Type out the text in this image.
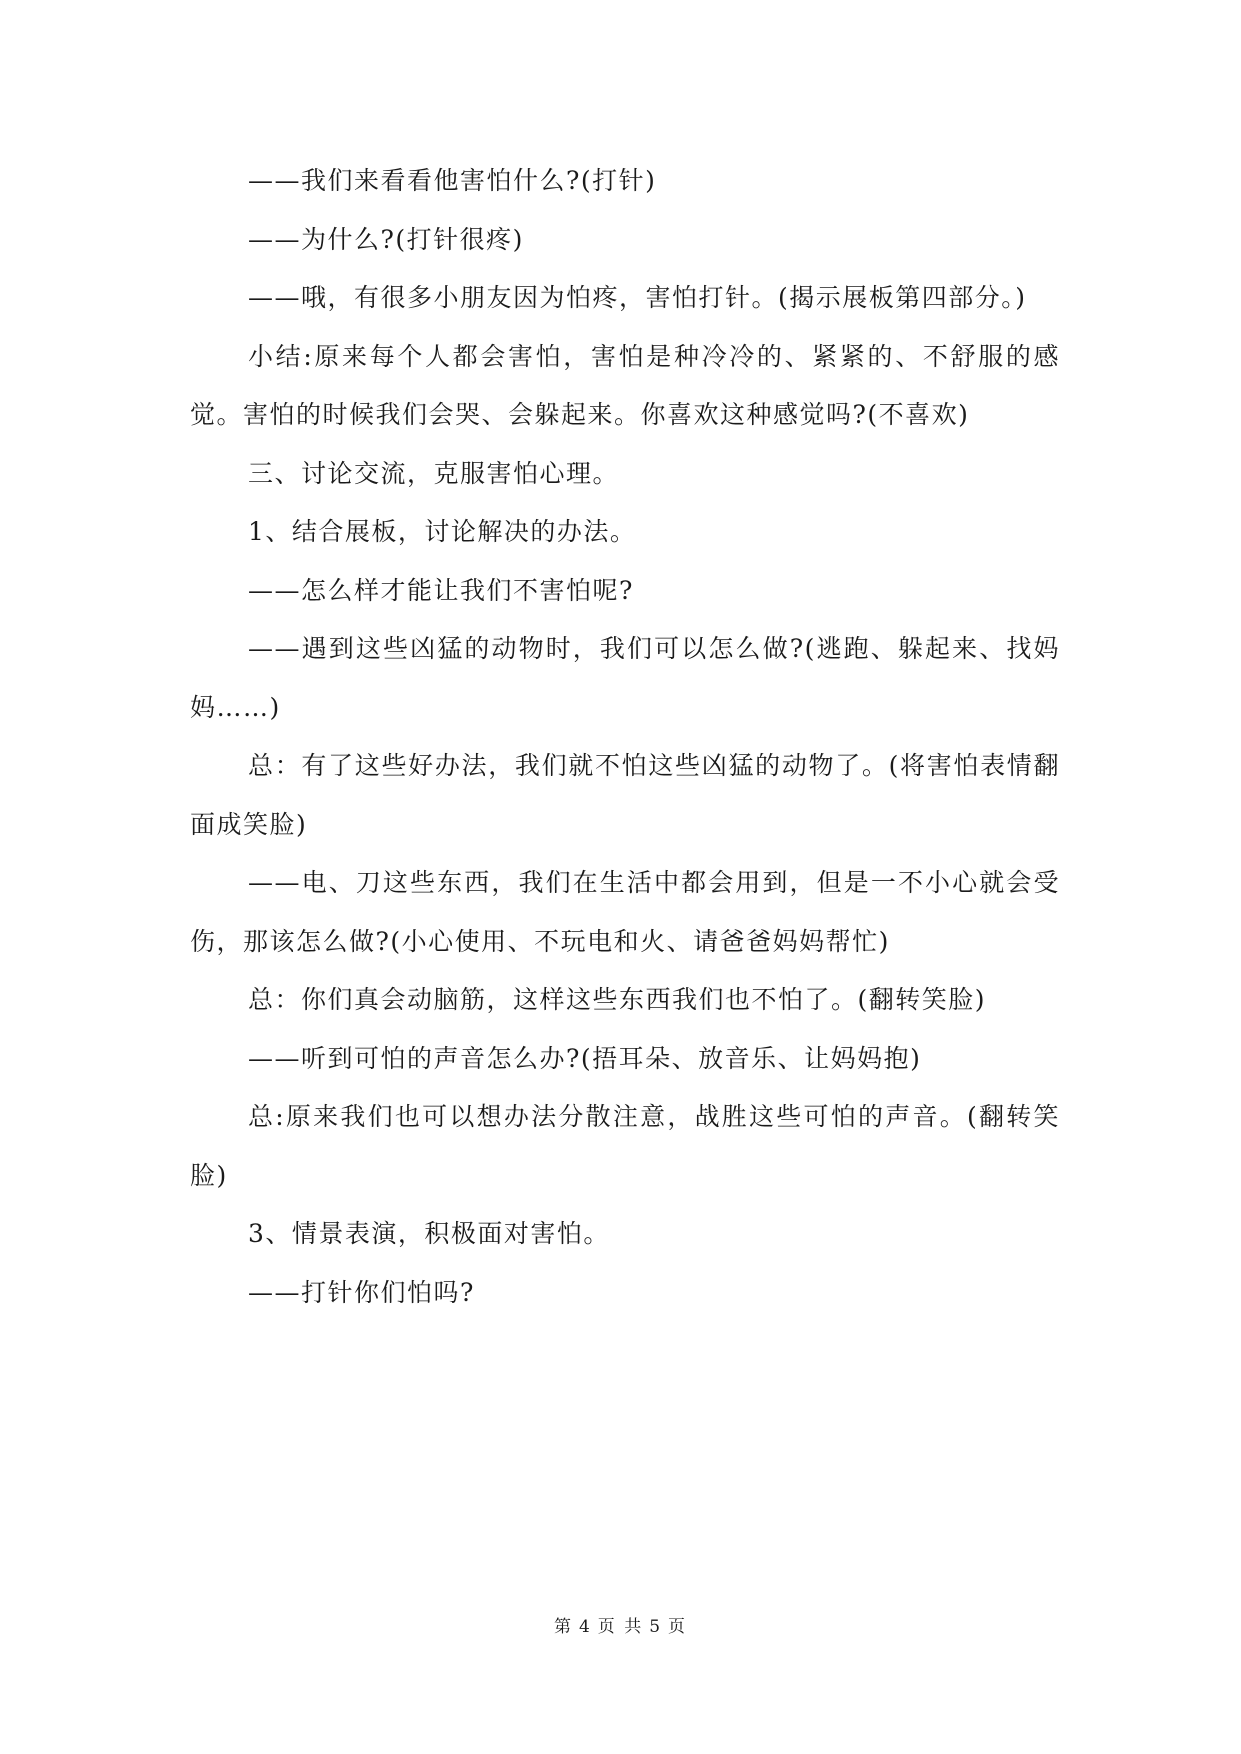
——我们来看看他害怕什么?(打针)

——为什么?(打针很疼)

——哦，有很多小朋友因为怕疼，害怕打针。(揭示展板第四部分。)

小结:原来每个人都会害怕，害怕是种冷冷的、紧紧的、不舒服的感觉。害怕的时候我们会哭、会躲起来。你喜欢这种感觉吗?(不喜欢)

三、讨论交流，克服害怕心理。

1、结合展板，讨论解决的办法。

——怎么样才能让我们不害怕呢?

——遇到这些凶猛的动物时，我们可以怎么做?(逃跑、躲起来、找妈妈……)

总：有了这些好办法，我们就不怕这些凶猛的动物了。(将害怕表情翻面成笑脸)

——电、刀这些东西，我们在生活中都会用到，但是一不小心就会受伤，那该怎么做?(小心使用、不玩电和火、请爸爸妈妈帮忙)

总：你们真会动脑筋，这样这些东西我们也不怕了。(翻转笑脸)

——听到可怕的声音怎么办?(捂耳朵、放音乐、让妈妈抱)

总:原来我们也可以想办法分散注意，战胜这些可怕的声音。(翻转笑脸)

3、情景表演，积极面对害怕。

——打针你们怕吗?

第 4 页 共 5 页
